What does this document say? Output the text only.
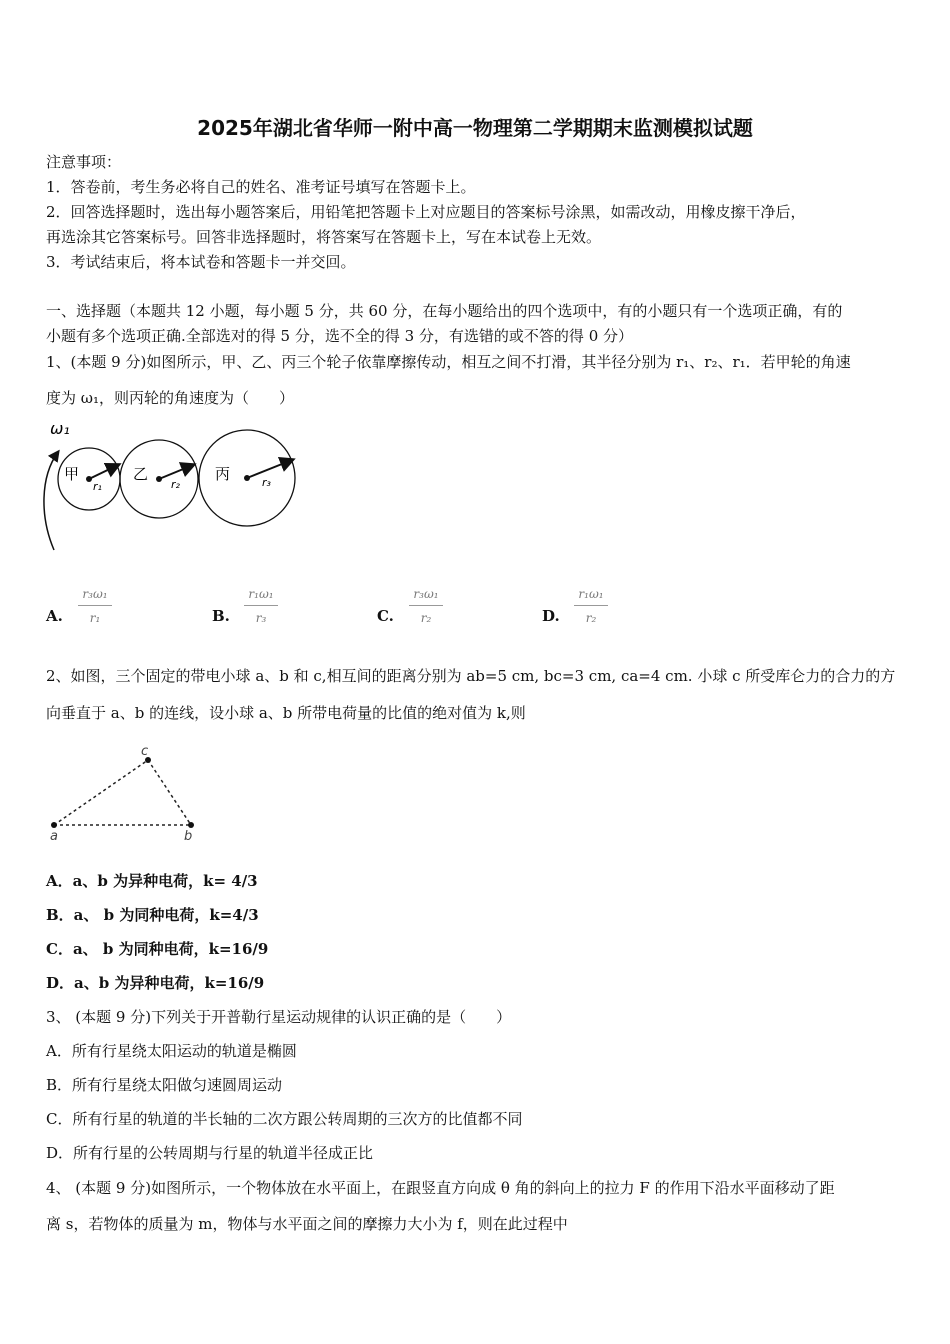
2025年湖北省华师一附中高一物理第二学期期末监测模拟试题
注意事项：
1．答卷前，考生务必将自己的姓名、准考证号填写在答题卡上。
2．回答选择题时，选出每小题答案后，用铅笔把答题卡上对应题目的答案标号涂黑，如需改动，用橡皮擦干净后，
再选涂其它答案标号。回答非选择题时，将答案写在答题卡上，写在本试卷上无效。
3．考试结束后，将本试卷和答题卡一并交回。
一、选择题（本题共 12 小题，每小题 5 分，共 60 分，在每小题给出的四个选项中，有的小题只有一个选项正确，有的
小题有多个选项正确.全部选对的得 5 分，选不全的得 3 分，有选错的或不答的得 0 分）
1、(本题 9 分)如图所示，甲、乙、丙三个轮子依靠摩擦传动，相互之间不打滑，其半径分别为 r₁、r₂、r₁．若甲轮的角速
度为 ω₁，则丙轮的角速度为（　　）
ω₁
甲
r₁
乙
r₂
丙	r₃
A.
r₃ω₁
r₁	B.
r₁ω₁
r₃	C.
r₃ω₁
r₂	D.
r₁ω₁
r₂
2、如图，三个固定的带电小球 a、b 和 c,相互间的距离分别为 ab=5 cm, bc=3 cm, ca=4 cm. 小球 c 所受库仑力的合力的方
向垂直于 a、b 的连线，设小球 a、b 所带电荷量的比值的绝对值为 k,则
a	b
c
A．a、b 为异种电荷，k= 4/3
B．a、 b 为同种电荷，k=4/3
C．a、 b 为同种电荷，k=16/9
D．a、b 为异种电荷，k=16/9
3、 (本题 9 分)下列关于开普勒行星运动规律的认识正确的是（　　）
A．所有行星绕太阳运动的轨道是椭圆
B．所有行星绕太阳做匀速圆周运动
C．所有行星的轨道的半长轴的二次方跟公转周期的三次方的比值都不同
D．所有行星的公转周期与行星的轨道半径成正比
4、 (本题 9 分)如图所示，一个物体放在水平面上，在跟竖直方向成 θ 角的斜向上的拉力 F 的作用下沿水平面移动了距
离 s，若物体的质量为 m，物体与水平面之间的摩擦力大小为 f，则在此过程中
